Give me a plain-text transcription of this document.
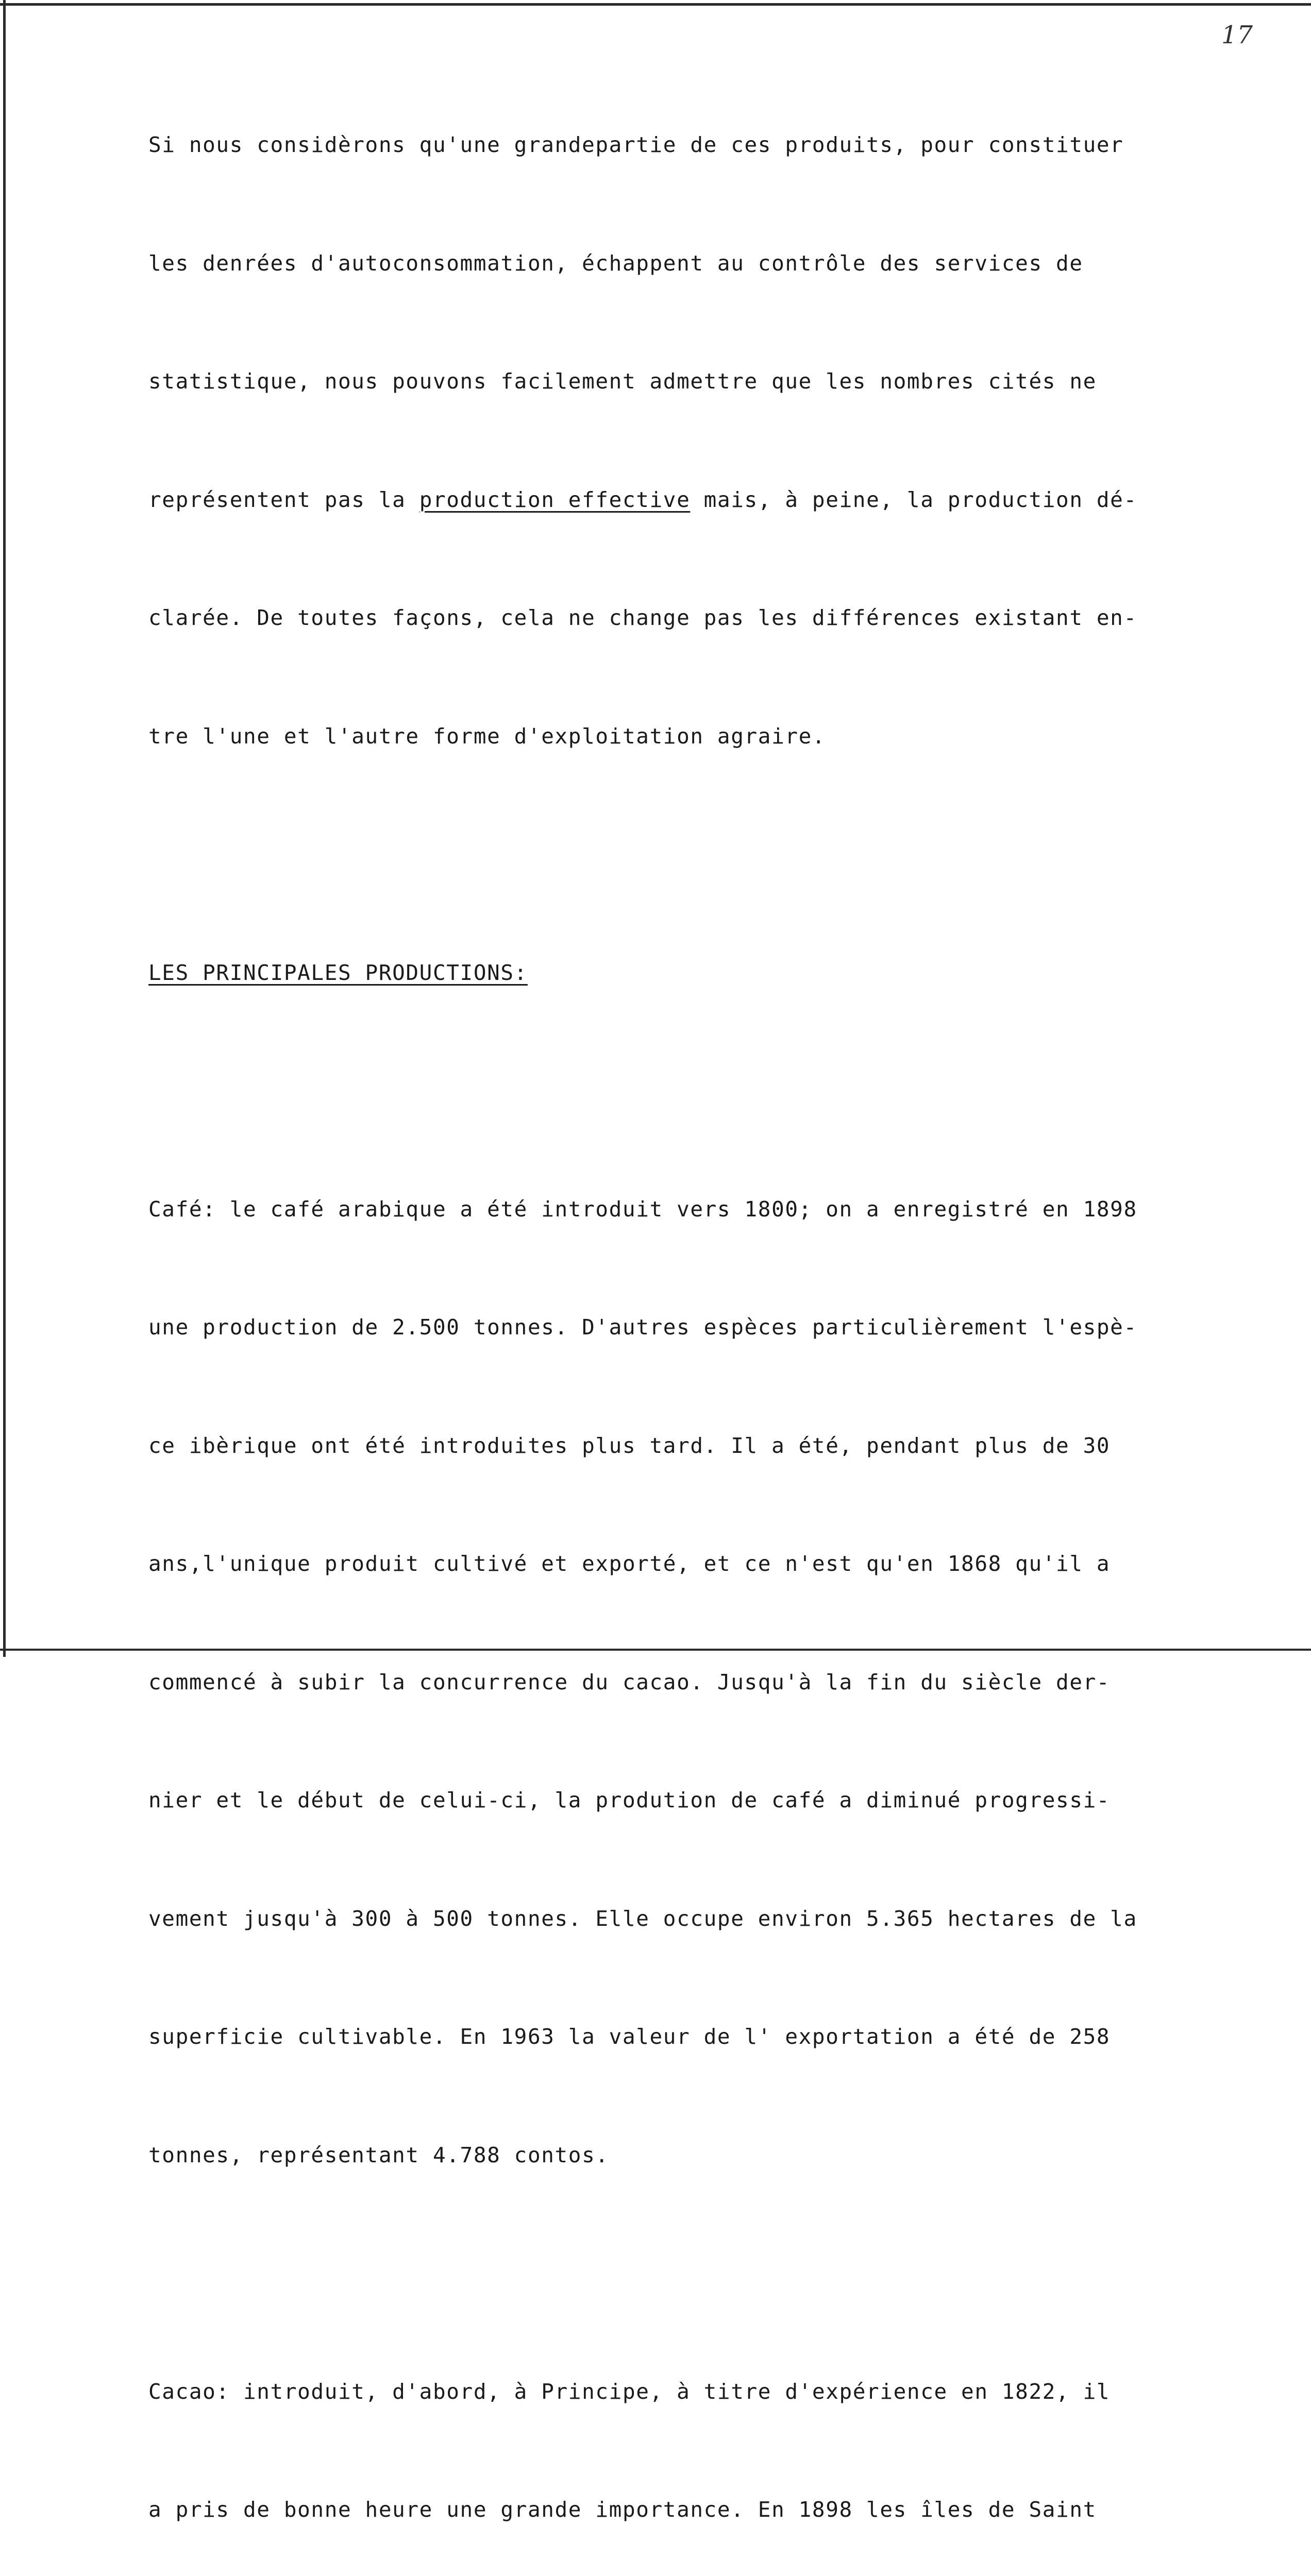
17

Si nous considèrons qu'une grandepartie de ces produits, pour constituer

les denrées d'autoconsommation, échappent au contrôle des services de

statistique, nous pouvons facilement admettre que les nombres cités ne

représentent pas la production effective mais, à peine, la production dé-

clarée. De toutes façons, cela ne change pas les différences existant en-

tre l'une et l'autre forme d'exploitation agraire.

LES PRINCIPALES PRODUCTIONS:

Café: le café arabique a été introduit vers 1800; on a enregistré en 1898

une production de 2.500 tonnes. D'autres espèces particulièrement l'espè-

ce ibèrique ont été introduites plus tard. Il a été, pendant plus de 30

ans,l'unique produit cultivé et exporté, et ce n'est qu'en 1868 qu'il a

commencé à subir la concurrence du cacao. Jusqu'à la fin du siècle der-

nier et le début de celui-ci, la prodution de café a diminué progressi-

vement jusqu'à 300 à 500 tonnes. Elle occupe environ 5.365 hectares de la

superficie cultivable. En 1963 la valeur de l' exportation a été de 258

tonnes, représentant 4.788 contos.

Cacao: introduit, d'abord, à Principe, à titre d'expérience en 1822, il

a pris de bonne heure une grande importance. En 1898 les îles de Saint
